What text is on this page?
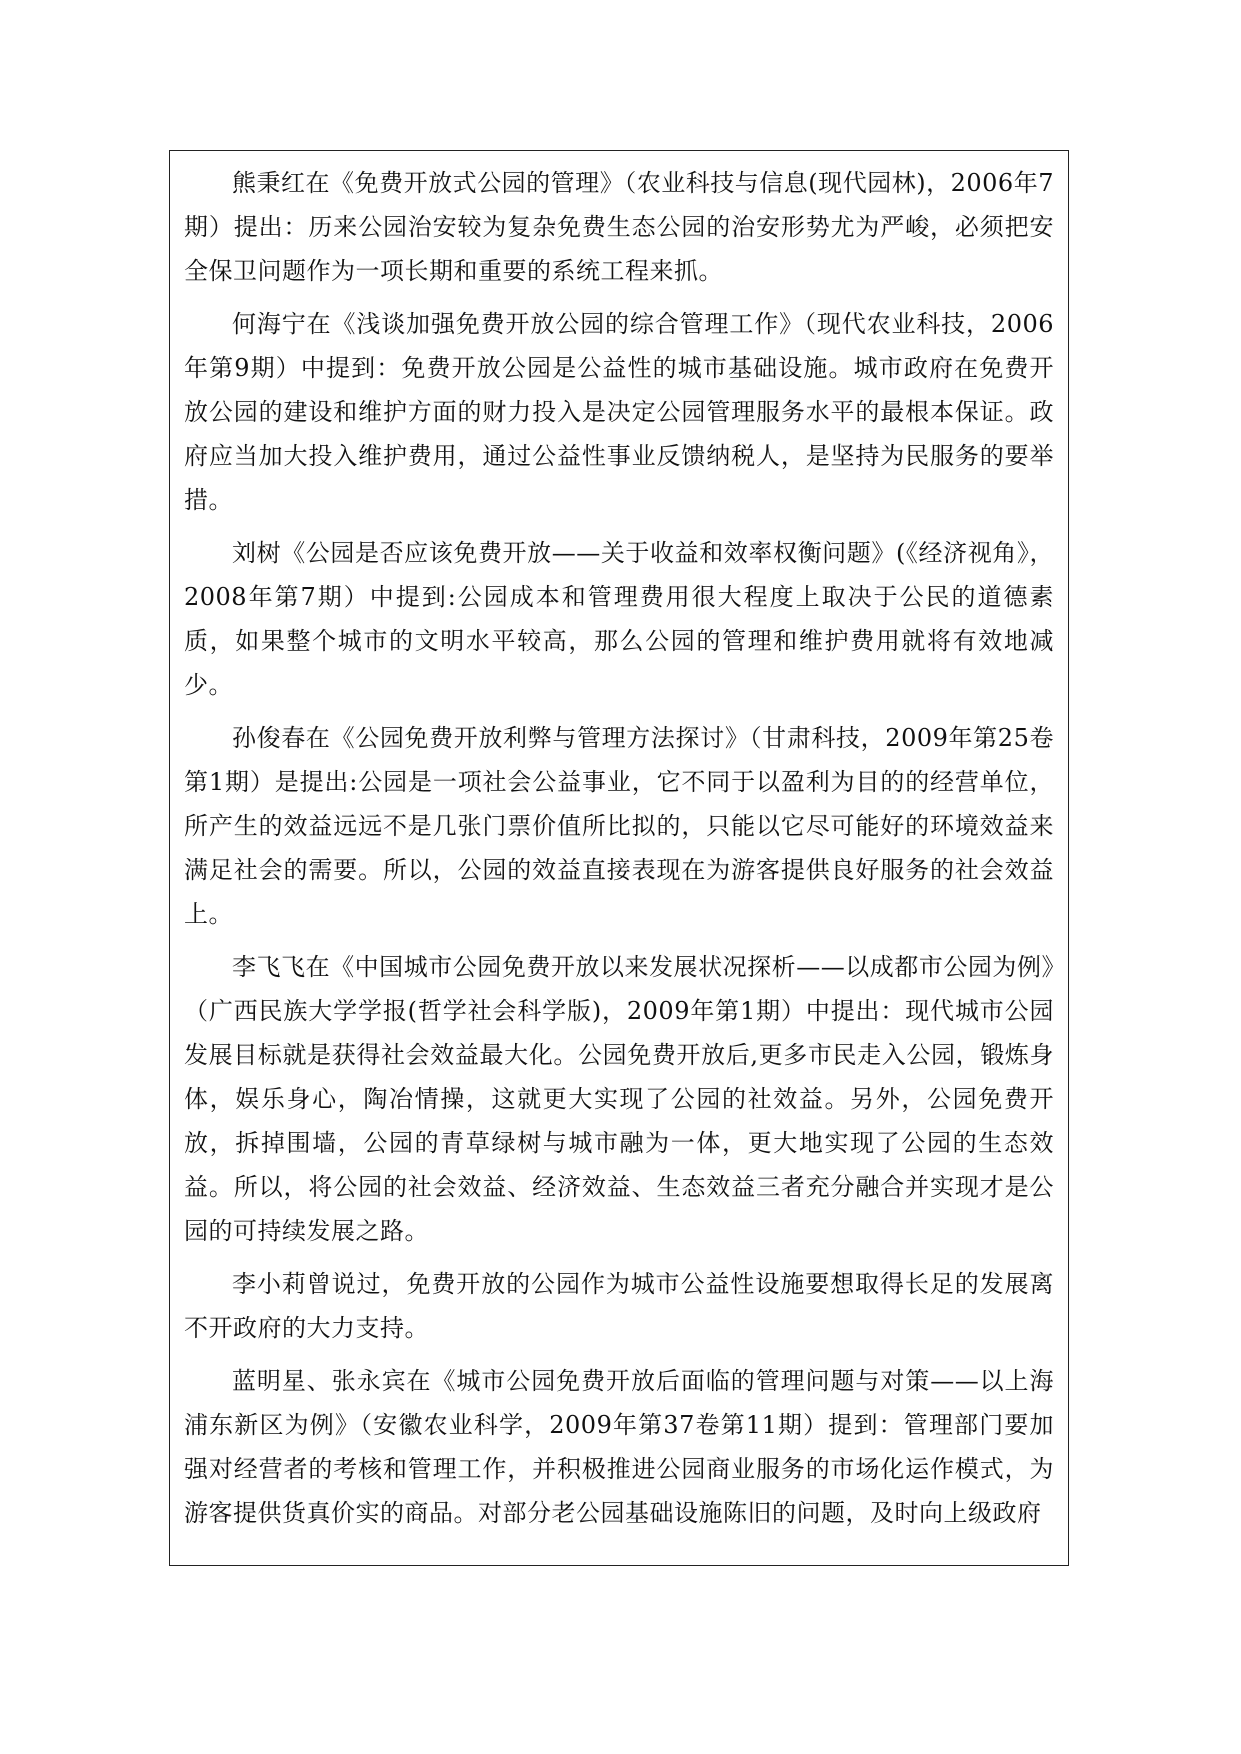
熊秉红在《免费开放式公园的管理》（农业科技与信息(现代园林)，2006年7期）提出：历来公园治安较为复杂免费生态公园的治安形势尤为严峻，必须把安全保卫问题作为一项长期和重要的系统工程来抓。

何海宁在《浅谈加强免费开放公园的综合管理工作》（现代农业科技，2006年第9期）中提到：免费开放公园是公益性的城市基础设施。城市政府在免费开放公园的建设和维护方面的财力投入是决定公园管理服务水平的最根本保证。政府应当加大投入维护费用，通过公益性事业反馈纳税人，是坚持为民服务的要举措。

刘树《公园是否应该免费开放——关于收益和效率权衡问题》(《经济视角》，2008年第7期）中提到:公园成本和管理费用很大程度上取决于公民的道德素质，如果整个城市的文明水平较高，那么公园的管理和维护费用就将有效地减少。

孙俊春在《公园免费开放利弊与管理方法探讨》（甘肃科技，2009年第25卷第1期）是提出:公园是一项社会公益事业，它不同于以盈利为目的的经营单位，所产生的效益远远不是几张门票价值所比拟的，只能以它尽可能好的环境效益来满足社会的需要。所以，公园的效益直接表现在为游客提供良好服务的社会效益上。

李飞飞在《中国城市公园免费开放以来发展状况探析——以成都市公园为例》（广西民族大学学报(哲学社会科学版)，2009年第1期）中提出：现代城市公园发展目标就是获得社会效益最大化。公园免费开放后,更多市民走入公园，锻炼身体，娱乐身心，陶冶情操，这就更大实现了公园的社效益。另外，公园免费开放，拆掉围墙，公园的青草绿树与城市融为一体，更大地实现了公园的生态效益。所以，将公园的社会效益、经济效益、生态效益三者充分融合并实现才是公园的可持续发展之路。

李小莉曾说过，免费开放的公园作为城市公益性设施要想取得长足的发展离不开政府的大力支持。

蓝明星、张永宾在《城市公园免费开放后面临的管理问题与对策——以上海浦东新区为例》（安徽农业科学，2009年第37卷第11期）提到：管理部门要加强对经营者的考核和管理工作，并积极推进公园商业服务的市场化运作模式，为游客提供货真价实的商品。对部分老公园基础设施陈旧的问题，及时向上级政府
